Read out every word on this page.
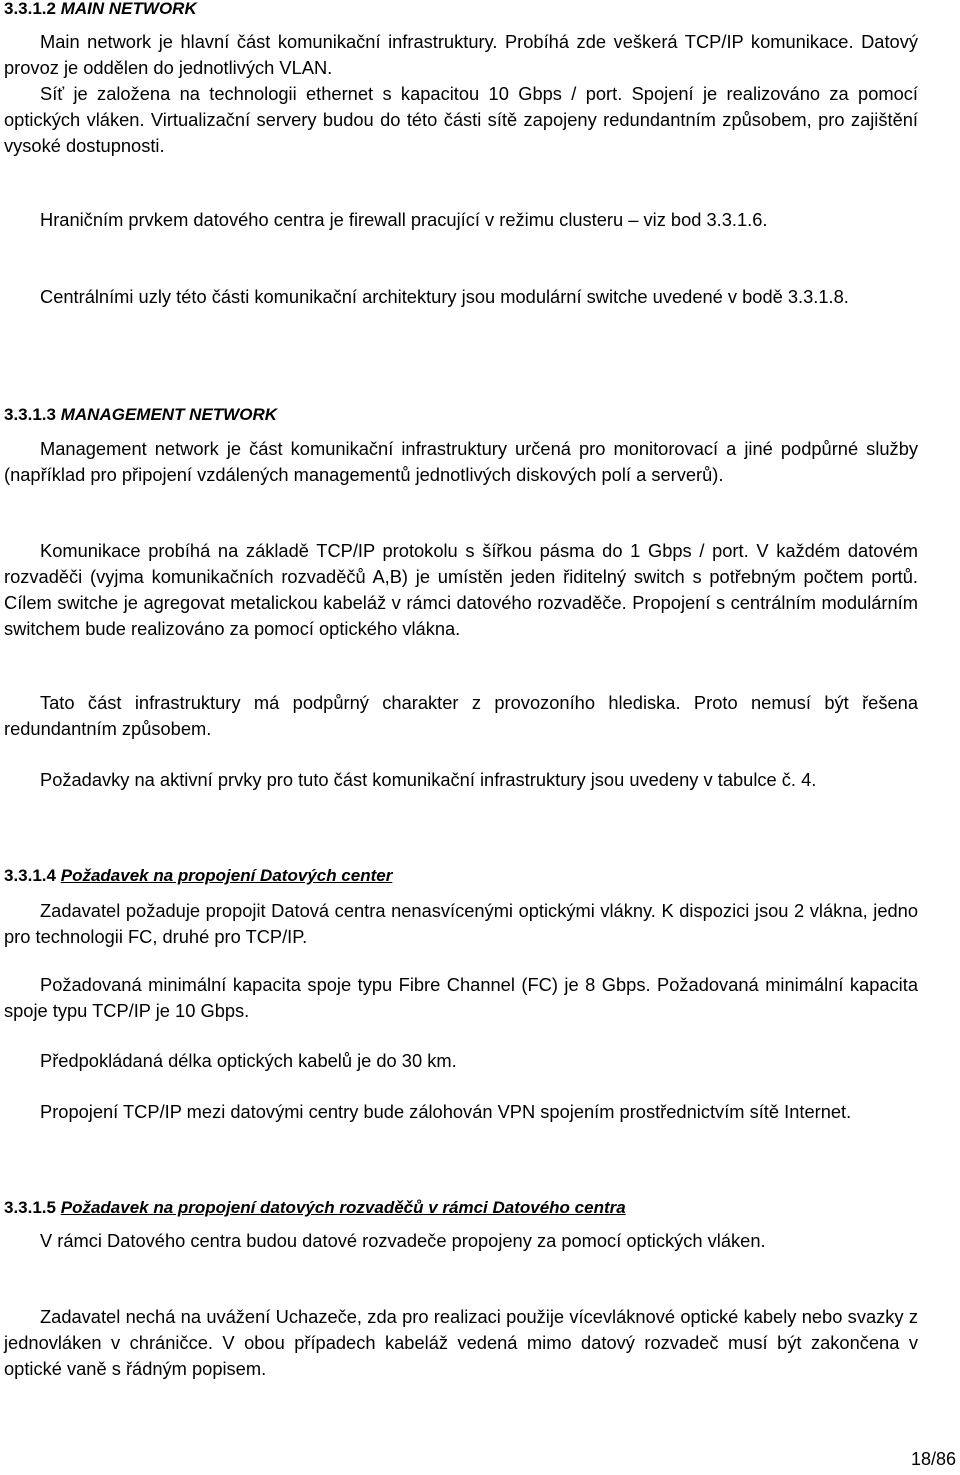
3.3.1.2 MAIN NETWORK

Main network je hlavní část komunikační infrastruktury. Probíhá zde veškerá TCP/IP komunikace. Datový provoz je oddělen do jednotlivých VLAN.

Síť je založena na technologii ethernet s kapacitou 10 Gbps / port. Spojení je realizováno za pomocí optických vláken. Virtualizační servery budou do této části sítě zapojeny redundantním způsobem, pro zajištění vysoké dostupnosti.

Hraničním prvkem datového centra je firewall pracující v režimu clusteru – viz bod 3.3.1.6.

Centrálními uzly této části komunikační architektury jsou modulární switche uvedené v bodě 3.3.1.8.

3.3.1.3 MANAGEMENT NETWORK

Management network je část komunikační infrastruktury určená pro monitorovací a jiné podpůrné služby (například pro připojení vzdálených managementů jednotlivých diskových polí a serverů).

Komunikace probíhá na základě TCP/IP protokolu s šířkou pásma do 1 Gbps / port. V každém datovém rozvaděči (vyjma komunikačních rozvaděčů A,B) je umístěn jeden řiditelný switch s potřebným počtem portů. Cílem switche je agregovat metalickou kabeláž v rámci datového rozvaděče. Propojení s centrálním modulárním switchem bude realizováno za pomocí optického vlákna.

Tato část infrastruktury má podpůrný charakter z provozoního hlediska. Proto nemusí být řešena redundantním způsobem.

Požadavky na aktivní prvky pro tuto část komunikační infrastruktury jsou uvedeny v tabulce č. 4.

3.3.1.4 Požadavek na propojení Datových center

Zadavatel požaduje propojit Datová centra nenasvícenými optickými vlákny. K dispozici jsou 2 vlákna, jedno pro technologii FC, druhé pro TCP/IP.

Požadovaná minimální kapacita spoje typu Fibre Channel (FC) je 8 Gbps. Požadovaná minimální kapacita spoje typu TCP/IP je 10 Gbps.

Předpokládaná délka optických kabelů je do 30 km.

Propojení TCP/IP mezi datovými centry bude zálohován VPN spojením prostřednictvím sítě Internet.

3.3.1.5 Požadavek na propojení datových rozvaděčů v rámci Datového centra

V rámci Datového centra budou datové rozvadeče propojeny za pomocí optických vláken.

Zadavatel nechá na uvážení Uchazeče, zda pro realizaci použije vícevláknové optické kabely nebo svazky z jednovláken v chráničce. V obou případech kabeláž vedená mimo datový rozvadeč musí být zakončena v optické vaně s řádným popisem.

18/86
